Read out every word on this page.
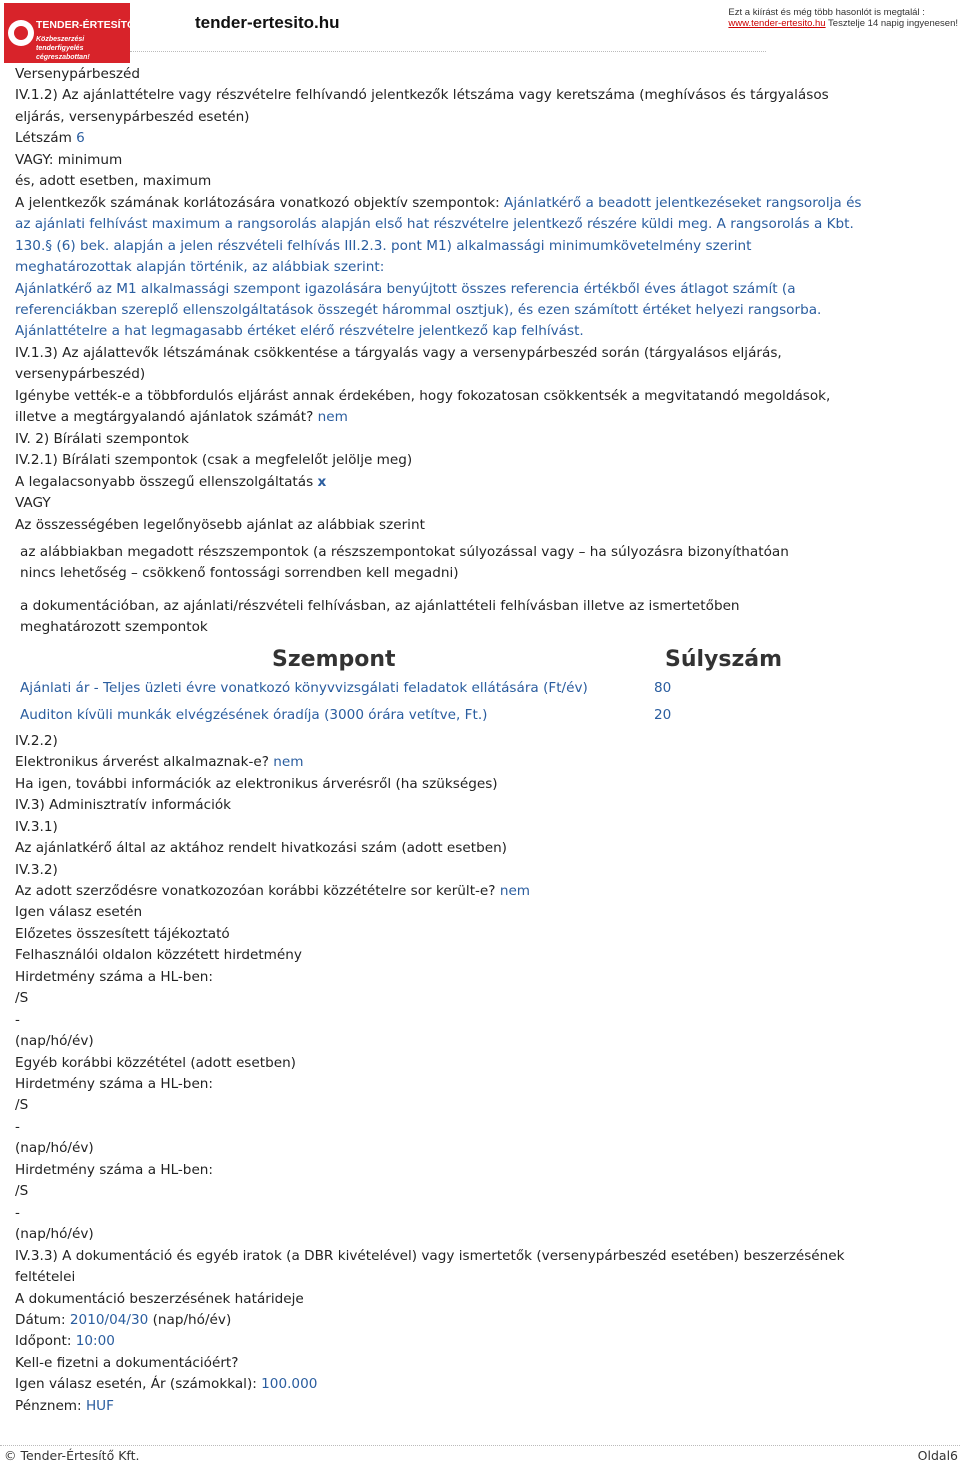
TENDER-ÉRTESÍTŐ.hu
Közbeszerzési tenderfigyelés cégreszabottan!
tender-ertesito.hu
Ezt a kiírást és még több hasonlót is megtalál :
www.tender-ertesito.hu Tesztelje 14 napig ingyenesen!
Versenypárbeszéd
IV.1.2) Az ajánlattételre vagy részvételre felhívandó jelentkezők létszáma vagy keretszáma (meghívásos és tárgyalásos
eljárás, versenypárbeszéd esetén)
Létszám 6
VAGY: minimum
és, adott esetben, maximum
A jelentkezők számának korlátozására vonatkozó objektív szempontok: Ajánlatkérő a beadott jelentkezéseket rangsorolja és
az ajánlati felhívást maximum a rangsorolás alapján első hat részvételre jelentkező részére küldi meg. A rangsorolás a Kbt.
130.§ (6) bek. alapján a jelen részvételi felhívás III.2.3. pont M1) alkalmassági minimumkövetelmény szerint
meghatározottak alapján történik, az alábbiak szerint:
Ajánlatkérő az M1 alkalmassági szempont igazolására benyújtott összes referencia értékből éves átlagot számít (a
referenciákban szereplő ellenszolgáltatások összegét hárommal osztjuk), és ezen számított értéket helyezi rangsorba.
Ajánlattételre a hat legmagasabb értéket elérő részvételre jelentkező kap felhívást.
IV.1.3) Az ajálattevők létszámának csökkentése a tárgyalás vagy a versenypárbeszéd során (tárgyalásos eljárás,
versenypárbeszéd)
Igénybe vették-e a többfordulós eljárást annak érdekében, hogy fokozatosan csökkentsék a megvitatandó megoldások,
illetve a megtárgyalandó ajánlatok számát? nem
IV. 2) Bírálati szempontok
IV.2.1) Bírálati szempontok (csak a megfelelőt jelölje meg)
A legalacsonyabb összegű ellenszolgáltatás x
VAGY
Az összességében legelőnyösebb ajánlat az alábbiak szerint
az alábbiakban megadott részszempontok (a részszempontokat súlyozással vagy – ha súlyozásra bizonyíthatóan nincs lehetőség – csökkenő fontossági sorrendben kell megadni)
a dokumentációban, az ajánlati/részvételi felhívásban, az ajánlattételi felhívásban illetve az ismertetőben meghatározott szempontok
Szempont	Súlyszám
Ajánlati ár - Teljes üzleti évre vonatkozó könyvvizsgálati feladatok ellátására (Ft/év)	80
Auditon kívüli munkák elvégzésének óradíja (3000 órára vetítve, Ft.)	20
IV.2.2)
Elektronikus árverést alkalmaznak-e? nem
Ha igen, további információk az elektronikus árverésről (ha szükséges)
IV.3) Adminisztratív információk
IV.3.1)
Az ajánlatkérő által az aktához rendelt hivatkozási szám (adott esetben)
IV.3.2)
Az adott szerződésre vonatkozozóan korábbi közzétételre sor került-e? nem
Igen válasz esetén
Előzetes összesített tájékoztató
Felhasználói oldalon közzétett hirdetmény
Hirdetmény száma a HL-ben:
/S
-
(nap/hó/év)
Egyéb korábbi közzététel (adott esetben)
Hirdetmény száma a HL-ben:
/S
-
(nap/hó/év)
Hirdetmény száma a HL-ben:
/S
-
(nap/hó/év)
IV.3.3) A dokumentáció és egyéb iratok (a DBR kivételével) vagy ismertetők (versenypárbeszéd esetében) beszerzésének
feltételei
A dokumentáció beszerzésének határideje
Dátum: 2010/04/30 (nap/hó/év)
Időpont: 10:00
Kell-e fizetni a dokumentációért?
Igen válasz esetén, Ár (számokkal): 100.000
Pénznem: HUF
© Tender-Értesítő Kft.	Oldal6
